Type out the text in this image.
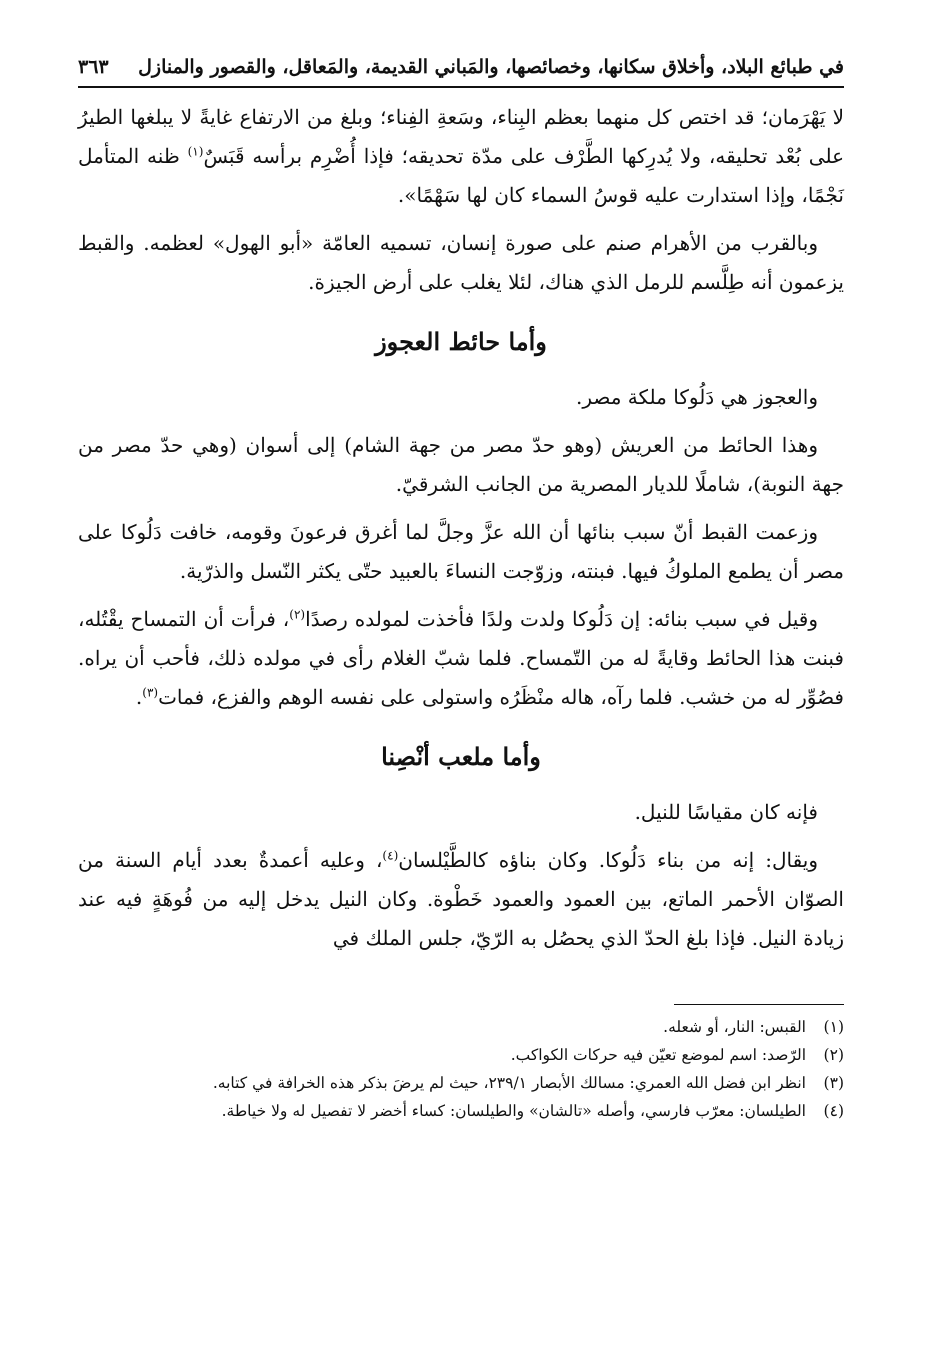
في طبائع البلاد، وأخلاق سكانها، وخصائصها، والمَباني القديمة، والمَعاقل، والقصور والمنازل
٣٦٣

لا يَهْرَمان؛ قد اختص كل منهما بعظم البِناء، وسَعةِ الفِناء؛ وبلغ من الارتفاع غايةً لا يبلغها الطيرُ على بُعْد تحليقه، ولا يُدرِكها الطَّرْف على مدّة تحديقه؛ فإذا أُضْرِم برأسه قَبَسٌ$^{(١)}$ ظنه المتأمل نَجْمًا، وإذا استدارت عليه قوسُ السماء كان لها سَهْمًا».

وبالقرب من الأهرام صنم على صورة إنسان، تسميه العامّة «أبو الهول» لعظمه. والقبط يزعمون أنه طِلَّسم للرمل الذي هناك، لئلا يغلب على أرض الجيزة.

وأما حائط العجوز

والعجوز هي دَلُوكا ملكة مصر.

وهذا الحائط من العريش (وهو حدّ مصر من جهة الشام) إلى أسوان (وهي حدّ مصر من جهة النوبة)، شاملًا للديار المصرية من الجانب الشرقيّ.

وزعمت القبط أنّ سبب بنائها أن الله عزَّ وجلَّ لما أغرق فرعونَ وقومه، خافت دَلُوكا على مصر أن يطمع الملوكُ فيها. فبنته، وزوّجت النساءَ بالعبيد حتّى يكثر النّسل والذرّية.

وقيل في سبب بنائه: إن دَلُوكا ولدت ولدًا فأخذت لمولده رصدًا$^{(٢)}$، فرأت أن التمساح يقْتُله، فبنت هذا الحائط وقايةً له من التّمساح. فلما شبّ الغلام رأى في مولده ذلك، فأحب أن يراه. فصُوِّر له من خشب. فلما رآه، هاله منْظَرُه واستولى على نفسه الوهم والفزع، فمات$^{(٣)}$.

وأما ملعب أنْصِنا

فإنه كان مقياسًا للنيل.

ويقال: إنه من بناء دَلُوكا. وكان بناؤه كالطَّيْلسان$^{(٤)}$، وعليه أعمدةٌ بعدد أيام السنة من الصوّان الأحمر الماتع، بين العمود والعمود خَطْوة. وكان النيل يدخل إليه من فُوهَةٍ فيه عند زيادة النيل. فإذا بلغ الحدّ الذي يحصُل به الرّيّ، جلس الملك في

(١)
القبس: النار، أو شعله.
(٢)
الرّصد: اسم لموضع تعيّن فيه حركات الكواكب.
(٣)
انظر ابن فضل الله العمري: مسالك الأبصار ٢٣٩/١، حيث لم يرضَ بذكر هذه الخرافة في كتابه.
(٤)
الطيلسان: معرّب فارسي، وأصله «تالشان» والطيلسان: كساء أخضر لا تفصيل له ولا خياطة.
